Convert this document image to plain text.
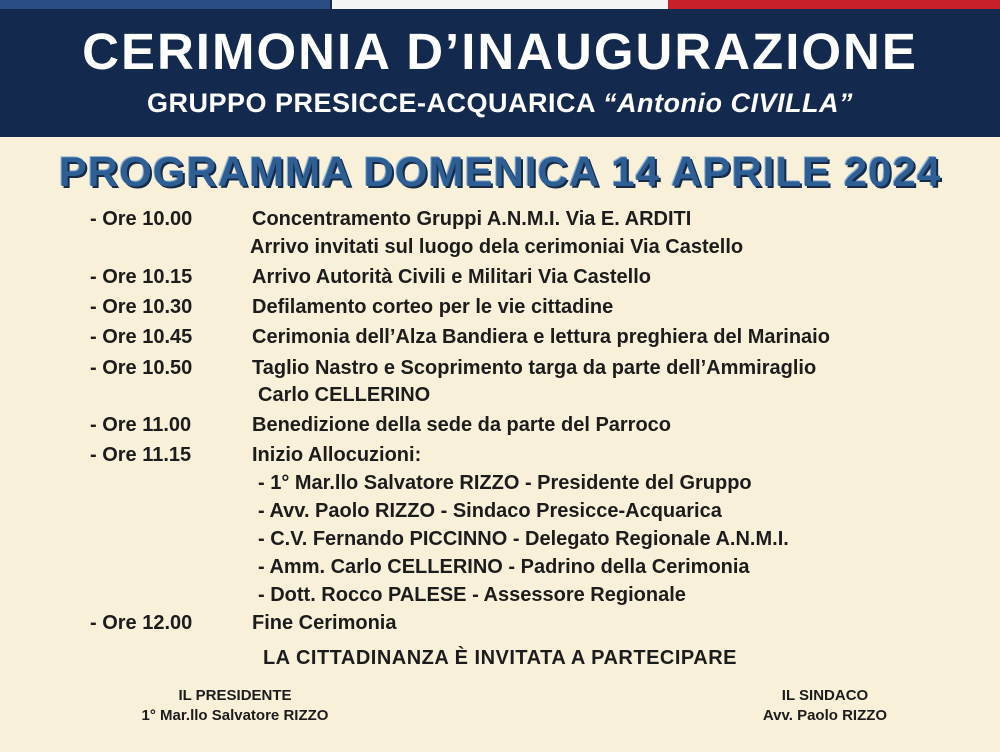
CERIMONIA D’INAUGURAZIONE
GRUPPO PRESICCE-ACQUARICA “Antonio CIVILLA”
PROGRAMMA DOMENICA 14 APRILE 2024
- Ore 10.00	Concentramento Gruppi A.N.M.I. Via E. ARDITI
Arrivo invitati sul luogo dela cerimoniai Via Castello
- Ore 10.15	Arrivo Autorità Civili e Militari Via Castello
- Ore 10.30	Defilamento corteo per le vie cittadine
- Ore 10.45	Cerimonia dell’Alza Bandiera e lettura preghiera del Marinaio
- Ore 10.50	Taglio Nastro e Scoprimento targa da parte dell’Ammiraglio
Carlo CELLERINO
- Ore 11.00	Benedizione della sede da parte del Parroco
- Ore 11.15	Inizio Allocuzioni:
- 1° Mar.llo Salvatore RIZZO - Presidente del Gruppo
- Avv. Paolo RIZZO - Sindaco Presicce-Acquarica
- C.V. Fernando PICCINNO - Delegato Regionale A.N.M.I.
- Amm. Carlo CELLERINO - Padrino della Cerimonia
- Dott. Rocco PALESE - Assessore Regionale
- Ore 12.00	Fine Cerimonia
LA CITTADINANZA È INVITATA A PARTECIPARE
IL PRESIDENTE
1° Mar.llo Salvatore RIZZO
IL SINDACO
Avv. Paolo RIZZO
